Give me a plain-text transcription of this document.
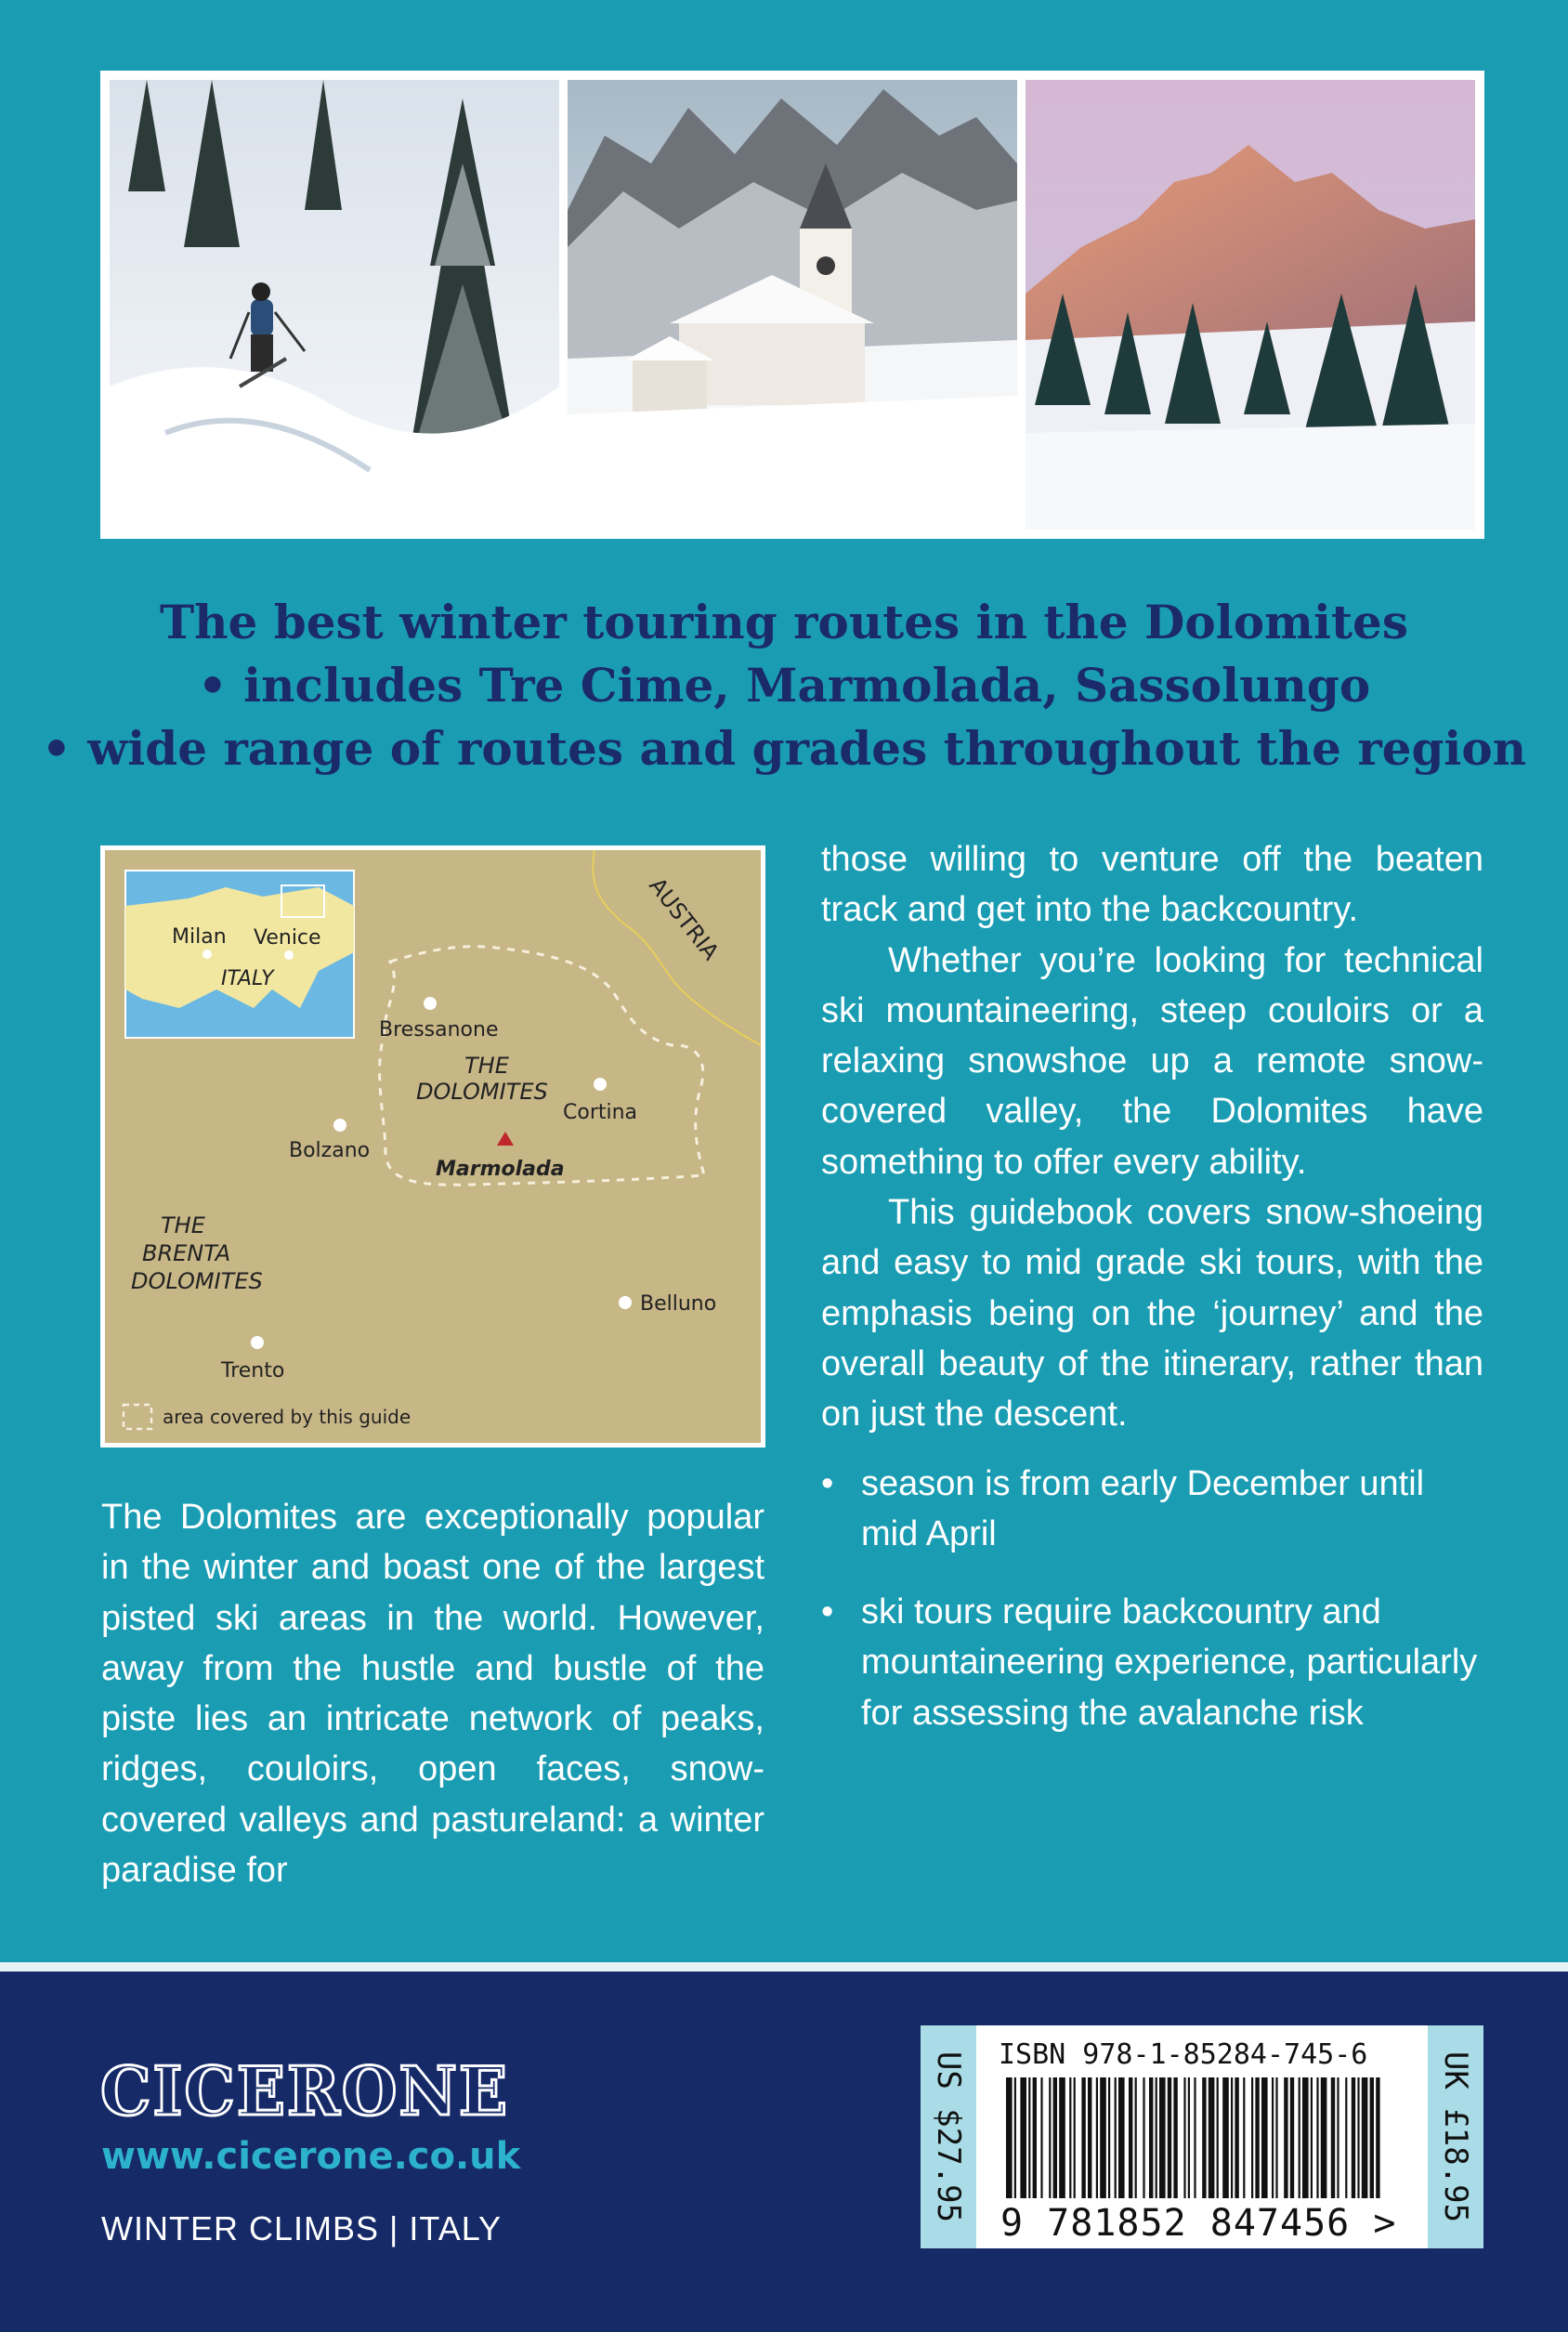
The best winter touring routes in the Dolomites
• includes Tre Cime, Marmolada, Sassolungo
• wide range of routes and grades throughout the region
AUSTRIA
Milan Venice
ITALY
Bressanone
THE
DOLOMITES
Cortina
Bolzano
Marmolada
THE
BRENTA
DOLOMITES
Belluno
Trento
area covered by this guide

The Dolomites are exceptionally popular in the winter and boast one of the largest pisted ski areas in the world. However, away from the hustle and bustle of the piste lies an intricate network of peaks, ridges, couloirs, open faces, snow-covered valleys and pastureland: a winter paradise for

those willing to venture off the beaten track and get into the backcountry.

Whether you’re looking for technical ski mountaineering, steep couloirs or a relaxing snowshoe up a remote snow-covered valley, the Dolomites have something to offer every ability.

This guidebook covers snow-shoeing and easy to mid grade ski tours, with the emphasis being on the ‘journey’ and the overall beauty of the itinerary, rather than on just the descent.

• season is from early December until mid April
• ski tours require backcountry and mountaineering experience, particularly for assessing the avalanche risk
CICERONE
www.cicerone.co.uk
WINTER CLIMBS | ITALY
US $27.95	UK £18.95
ISBN 978-1-85284-745-6
9 781852 847456 >
